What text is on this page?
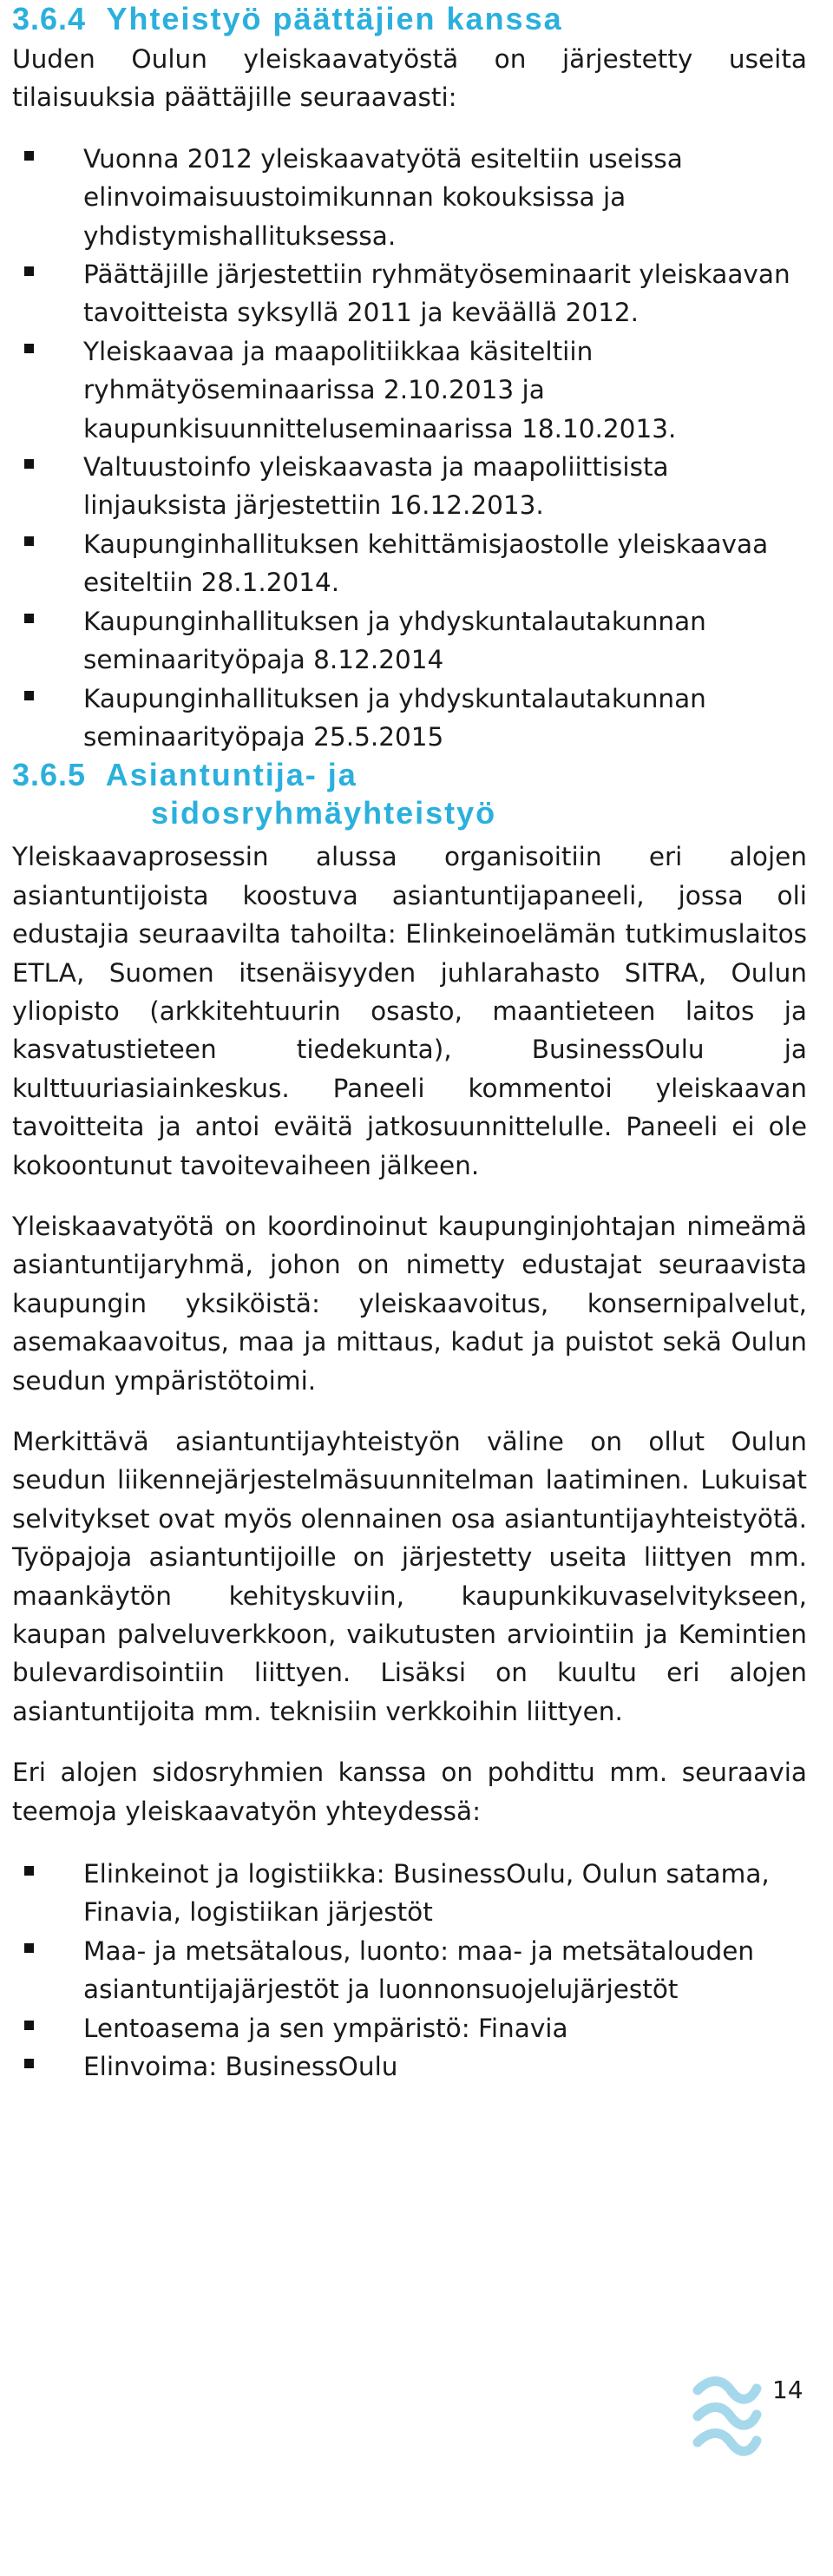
3.6.4 Yhteistyö päättäjien kanssa

Uuden Oulun yleiskaavatyöstä on järjestetty useita tilaisuuksia päättäjille seuraavasti:

Vuonna 2012 yleiskaavatyötä esiteltiin useissa elinvoimaisuustoimikunnan kokouksissa ja yhdistymishallituksessa.
Päättäjille järjestettiin ryhmätyöseminaarit yleiskaavan tavoitteista syksyllä 2011 ja keväällä 2012.
Yleiskaavaa ja maapolitiikkaa käsiteltiin ryhmätyöseminaarissa 2.10.2013 ja kaupunkisuunnitteluseminaarissa 18.10.2013.
Valtuustoinfo yleiskaavasta ja maapoliittisista linjauksista järjestettiin 16.12.2013.
Kaupunginhallituksen kehittämisjaostolle yleiskaavaa esiteltiin 28.1.2014.
Kaupunginhallituksen ja yhdyskuntalautakunnan seminaarityöpaja 8.12.2014
Kaupunginhallituksen ja yhdyskuntalautakunnan seminaarityöpaja 25.5.2015
3.6.5 Asiantuntija- ja
sidosryhmäyhteistyö

Yleiskaavaprosessin alussa organisoitiin eri alojen asiantuntijoista koostuva asiantuntijapaneeli, jossa oli edustajia seuraavilta tahoilta: Elinkeinoelämän tutkimuslaitos ETLA, Suomen itsenäisyyden juhlarahasto SITRA, Oulun yliopisto (arkkitehtuurin osasto, maantieteen laitos ja kasvatustieteen tiedekunta), BusinessOulu ja kulttuuriasiainkeskus. Paneeli kommentoi yleiskaavan tavoitteita ja antoi eväitä jatkosuunnittelulle. Paneeli ei ole kokoontunut tavoitevaiheen jälkeen.

Yleiskaavatyötä on koordinoinut kaupunginjohtajan nimeämä asiantuntijaryhmä, johon on nimetty edustajat seuraavista kaupungin yksiköistä: yleiskaavoitus, konsernipalvelut, asemakaavoitus, maa ja mittaus, kadut ja puistot sekä Oulun seudun ympäristötoimi.

Merkittävä asiantuntijayhteistyön väline on ollut Oulun seudun liikennejärjestelmäsuunnitelman laatiminen. Lukuisat selvitykset ovat myös olennainen osa asiantuntijayhteistyötä. Työpajoja asiantuntijoille on järjestetty useita liittyen mm. maankäytön kehityskuviin, kaupunkikuvaselvitykseen, kaupan palveluverkkoon, vaikutusten arviointiin ja Kemintien bulevardisointiin liittyen. Lisäksi on kuultu eri alojen asiantuntijoita mm. teknisiin verkkoihin liittyen.

Eri alojen sidosryhmien kanssa on pohdittu mm. seuraavia teemoja yleiskaavatyön yhteydessä:

Elinkeinot ja logistiikka: BusinessOulu, Oulun satama, Finavia, logistiikan järjestöt
Maa- ja metsätalous, luonto: maa- ja metsätalouden asiantuntijajärjestöt ja luonnonsuojelujärjestöt
Lentoasema ja sen ympäristö: Finavia
Elinvoima: BusinessOulu
14
